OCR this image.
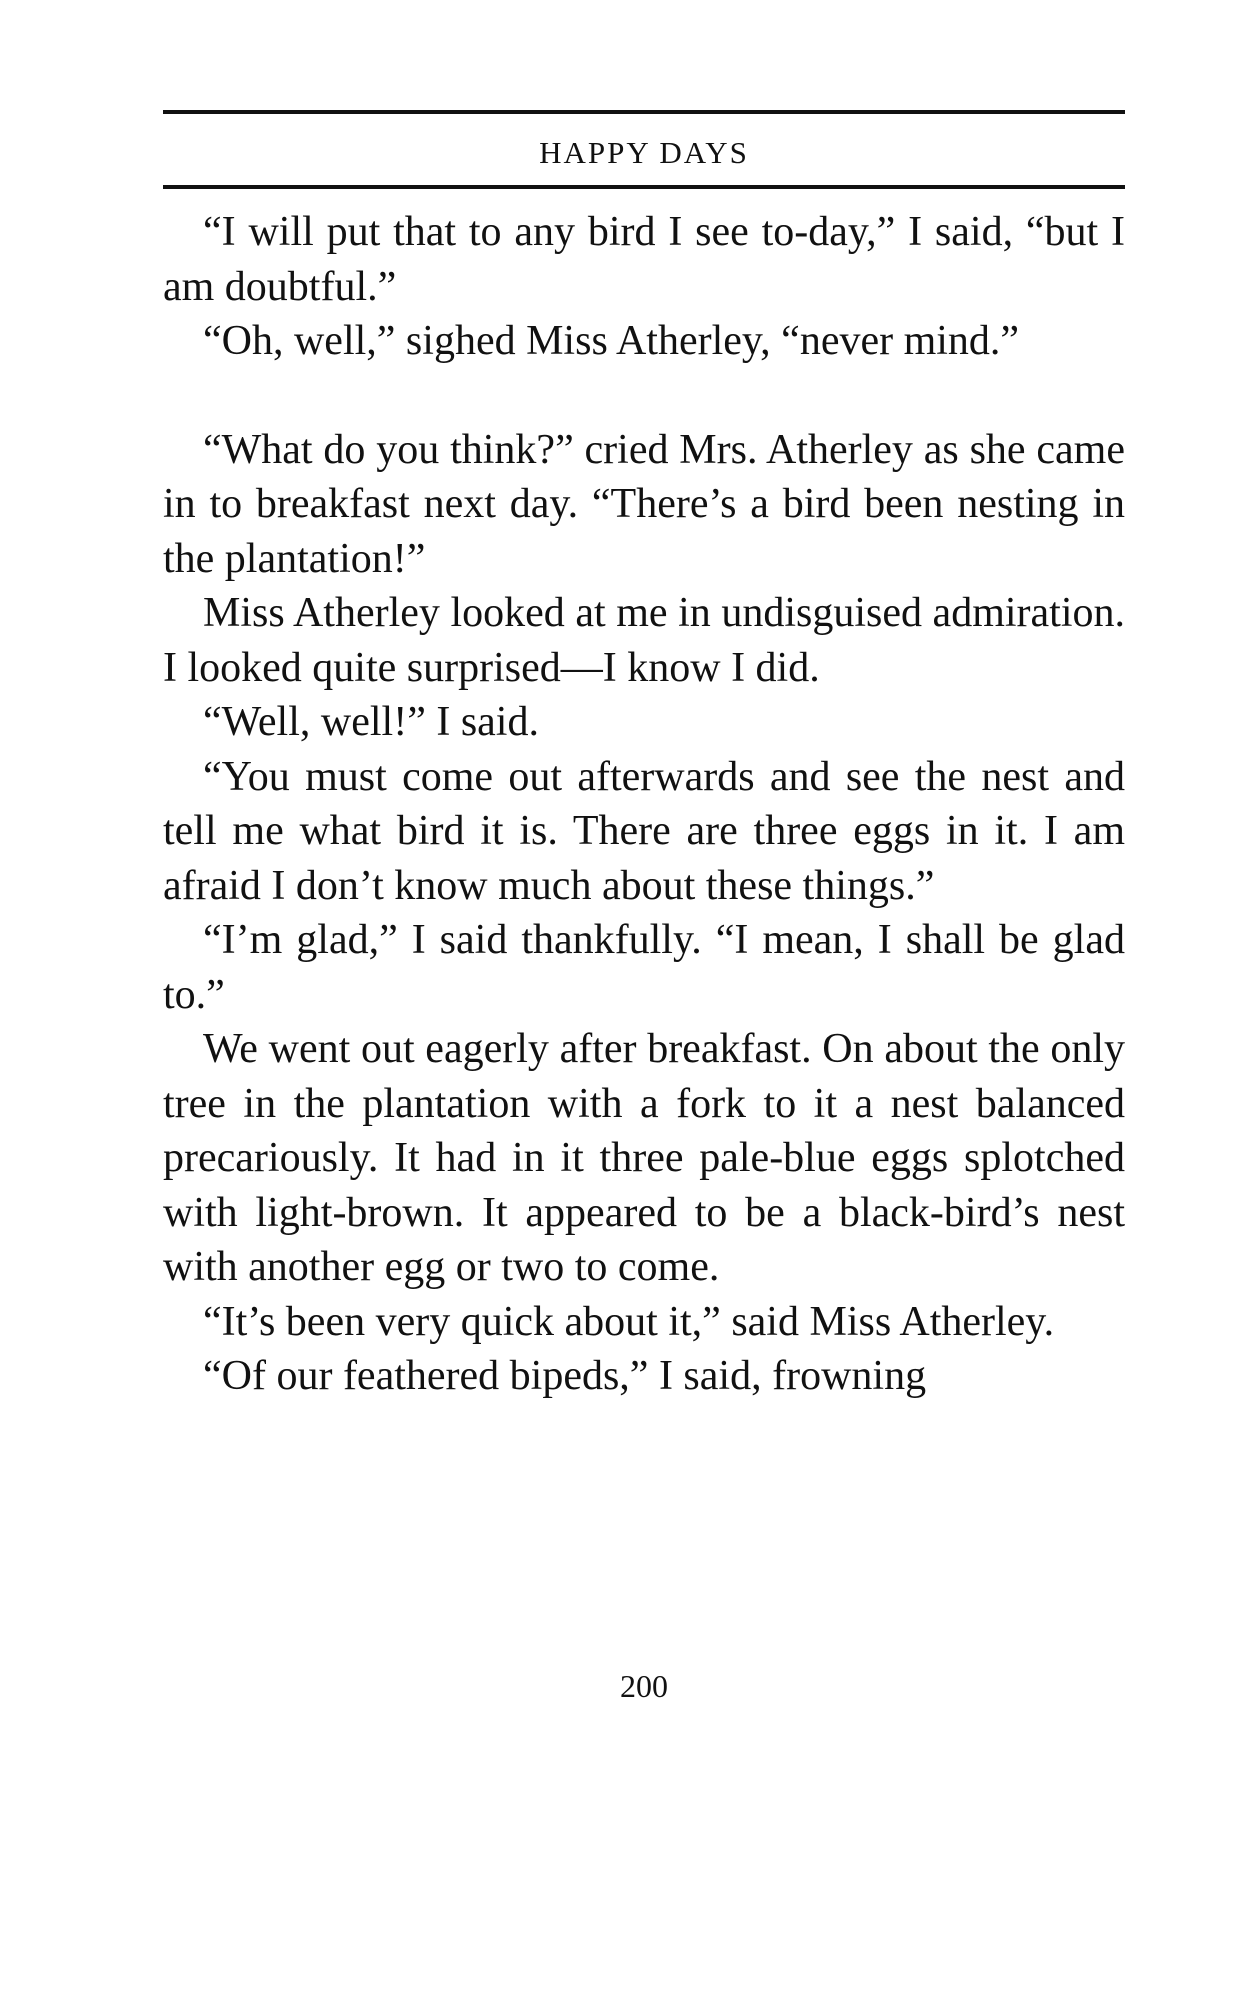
HAPPY DAYS

“I will put that to any bird I see to-day,” I said, “but I am doubtful.”

“Oh, well,” sighed Miss Atherley, “never mind.”

“What do you think?” cried Mrs. Atherley as she came in to breakfast next day. “There’s a bird been nesting in the plantation!”

Miss Atherley looked at me in undisguised admiration. I looked quite surprised—I know I did.

“Well, well!” I said.

“You must come out afterwards and see the nest and tell me what bird it is. There are three eggs in it. I am afraid I don’t know much about these things.”

“I’m glad,” I said thankfully. “I mean, I shall be glad to.”

We went out eagerly after breakfast. On about the only tree in the plantation with a fork to it a nest balanced precariously. It had in it three pale-blue eggs splotched with light-brown. It appeared to be a black-bird’s nest with another egg or two to come.

“It’s been very quick about it,” said Miss Atherley.

“Of our feathered bipeds,” I said, frowning

200
